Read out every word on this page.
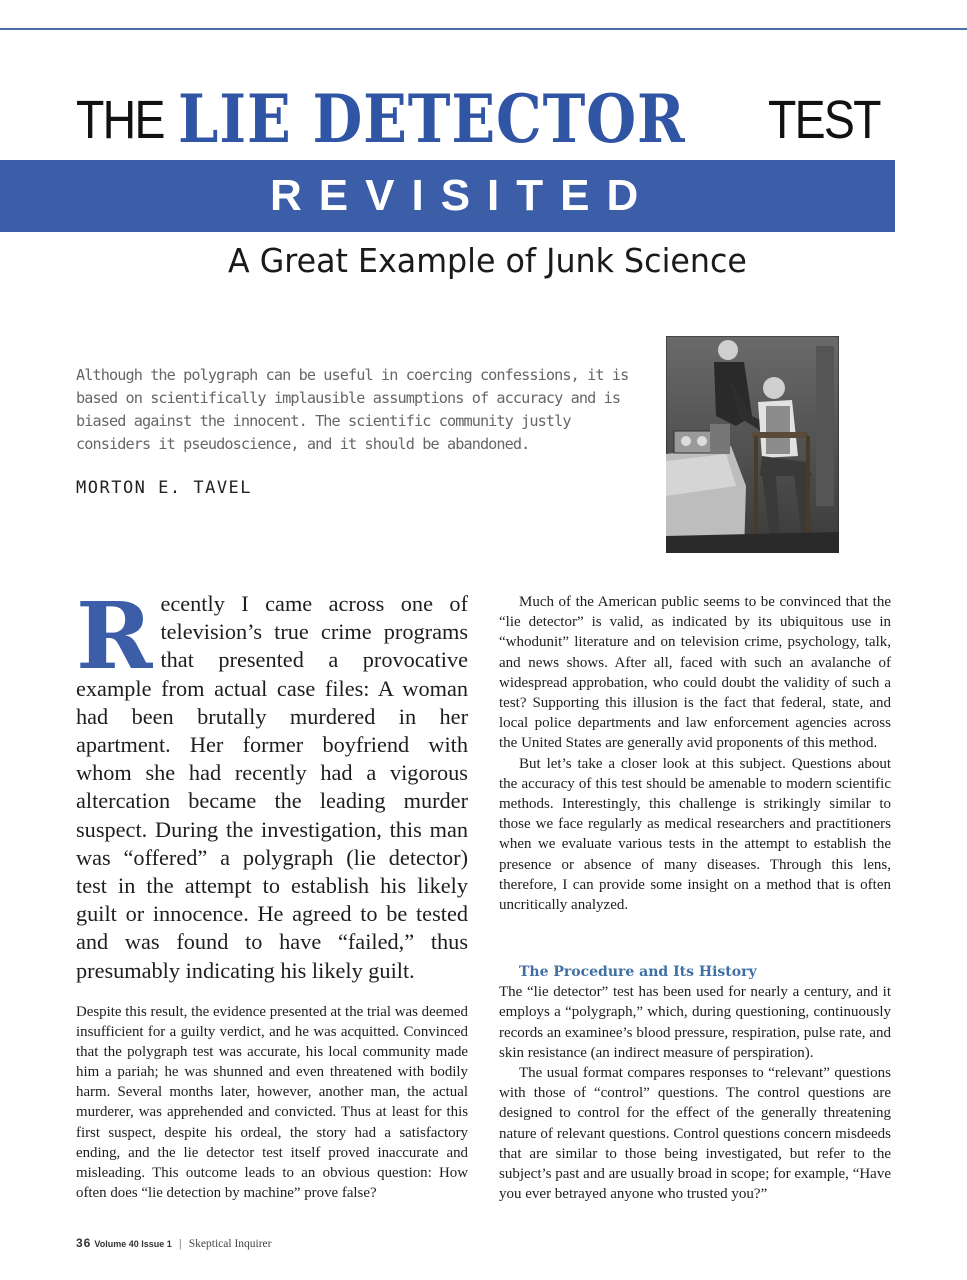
THE LIE DETECTOR TEST
REVISITED
A Great Example of Junk Science
Although the polygraph can be useful in coercing confessions, it is based on scientifically implausible assumptions of accuracy and is biased against the innocent. The scientific community justly considers it pseudoscience, and it should be abandoned.
MORTON E. TAVEL
Recently I came across one of television’s true crime programs that presented a provocative example from actual case files: A woman had been brutally murdered in her apartment. Her former boyfriend with whom she had recently had a vigorous altercation became the leading murder suspect. During the investigation, this man was “offered” a polygraph (lie detector) test in the attempt to establish his likely guilt or innocence. He agreed to be tested and was found to have “failed,” thus presumably indicating his likely guilt.
Despite this result, the evidence presented at the trial was deemed insufficient for a guilty verdict, and he was acquitted. Convinced that the polygraph test was accurate, his local community made him a pariah; he was shunned and even threatened with bodily harm. Several months later, however, another man, the actual murderer, was apprehended and convicted. Thus at least for this first suspect, despite his ordeal, the story had a satisfactory ending, and the lie detector test itself proved inaccurate and misleading. This outcome leads to an obvious question: How often does “lie detection by machine” prove false?

Much of the American public seems to be convinced that the “lie detector” is valid, as indicated by its ubiquitous use in “whodunit” literature and on television crime, psychology, talk, and news shows. After all, faced with such an avalanche of widespread approbation, who could doubt the validity of such a test? Supporting this illusion is the fact that federal, state, and local police departments and law enforcement agencies across the United States are generally avid proponents of this method.

But let’s take a closer look at this subject. Questions about the accuracy of this test should be amenable to modern scientific methods. Interestingly, this challenge is strikingly similar to those we face regularly as medical researchers and practitioners when we evaluate various tests in the attempt to establish the presence or absence of many diseases. Through this lens, therefore, I can provide some insight on a method that is often uncritically analyzed.

The Procedure and Its History

The “lie detector” test has been used for nearly a century, and it employs a “polygraph,” which, during questioning, continuously records an examinee’s blood pressure, respiration, pulse rate, and skin resistance (an indirect measure of perspiration).

The usual format compares responses to “relevant” questions with those of “control” questions. The control questions are designed to control for the effect of the generally threatening nature of relevant questions. Control questions concern misdeeds that are similar to those being investigated, but refer to the subject’s past and are usually broad in scope; for example, “Have you ever betrayed anyone who trusted you?”

36 Volume 40 Issue 1 | Skeptical Inquirer
